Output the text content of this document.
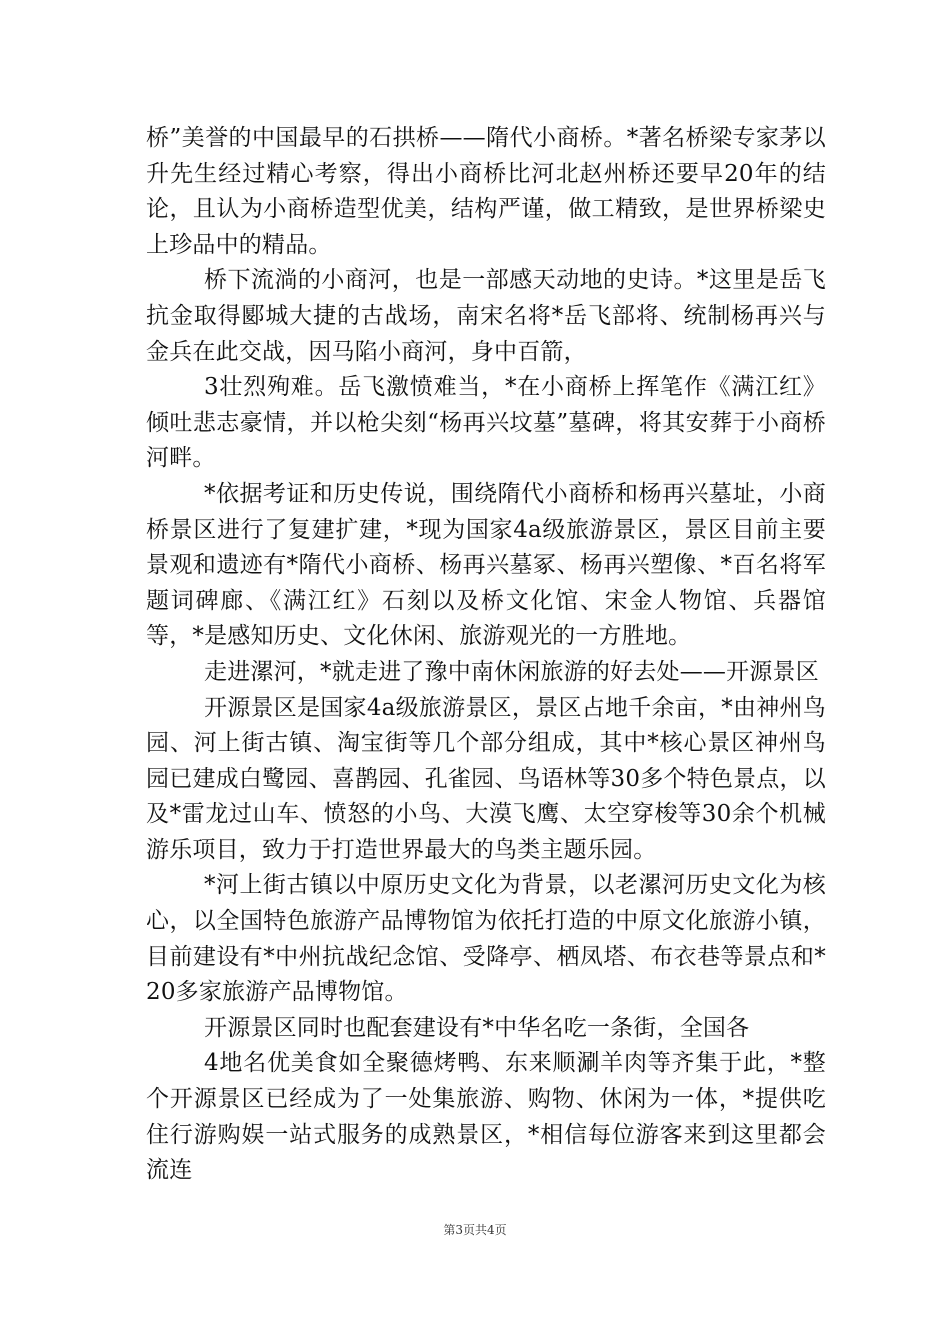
桥”美誉的中国最早的石拱桥——隋代小商桥。*著名桥梁专家茅以升先生经过精心考察，得出小商桥比河北赵州桥还要早20年的结论，且认为小商桥造型优美，结构严谨，做工精致，是世界桥梁史上珍品中的精品。

桥下流淌的小商河，也是一部感天动地的史诗。*这里是岳飞抗金取得郾城大捷的古战场，南宋名将*岳飞部将、统制杨再兴与金兵在此交战，因马陷小商河，身中百箭，

3壮烈殉难。岳飞激愤难当，*在小商桥上挥笔作《满江红》倾吐悲志豪情，并以枪尖刻“杨再兴坟墓”墓碑，将其安葬于小商桥河畔。

*依据考证和历史传说，围绕隋代小商桥和杨再兴墓址，小商桥景区进行了复建扩建，*现为国家4a级旅游景区，景区目前主要景观和遗迹有*隋代小商桥、杨再兴墓冢、杨再兴塑像、*百名将军题词碑廊、《满江红》石刻以及桥文化馆、宋金人物馆、兵器馆等，*是感知历史、文化休闲、旅游观光的一方胜地。

走进漯河，*就走进了豫中南休闲旅游的好去处——开源景区

开源景区是国家4a级旅游景区，景区占地千余亩，*由神州鸟园、河上街古镇、淘宝街等几个部分组成，其中*核心景区神州鸟园已建成白鹭园、喜鹊园、孔雀园、鸟语林等30多个特色景点，以及*雷龙过山车、愤怒的小鸟、大漠飞鹰、太空穿梭等30余个机械游乐项目，致力于打造世界最大的鸟类主题乐园。

*河上街古镇以中原历史文化为背景，以老漯河历史文化为核心，以全国特色旅游产品博物馆为依托打造的中原文化旅游小镇，目前建设有*中州抗战纪念馆、受降亭、栖凤塔、布衣巷等景点和*20多家旅游产品博物馆。

开源景区同时也配套建设有*中华名吃一条街，全国各

4地名优美食如全聚德烤鸭、东来顺涮羊肉等齐集于此，*整个开源景区已经成为了一处集旅游、购物、休闲为一体，*提供吃住行游购娱一站式服务的成熟景区，*相信每位游客来到这里都会流连

第3页共4页
